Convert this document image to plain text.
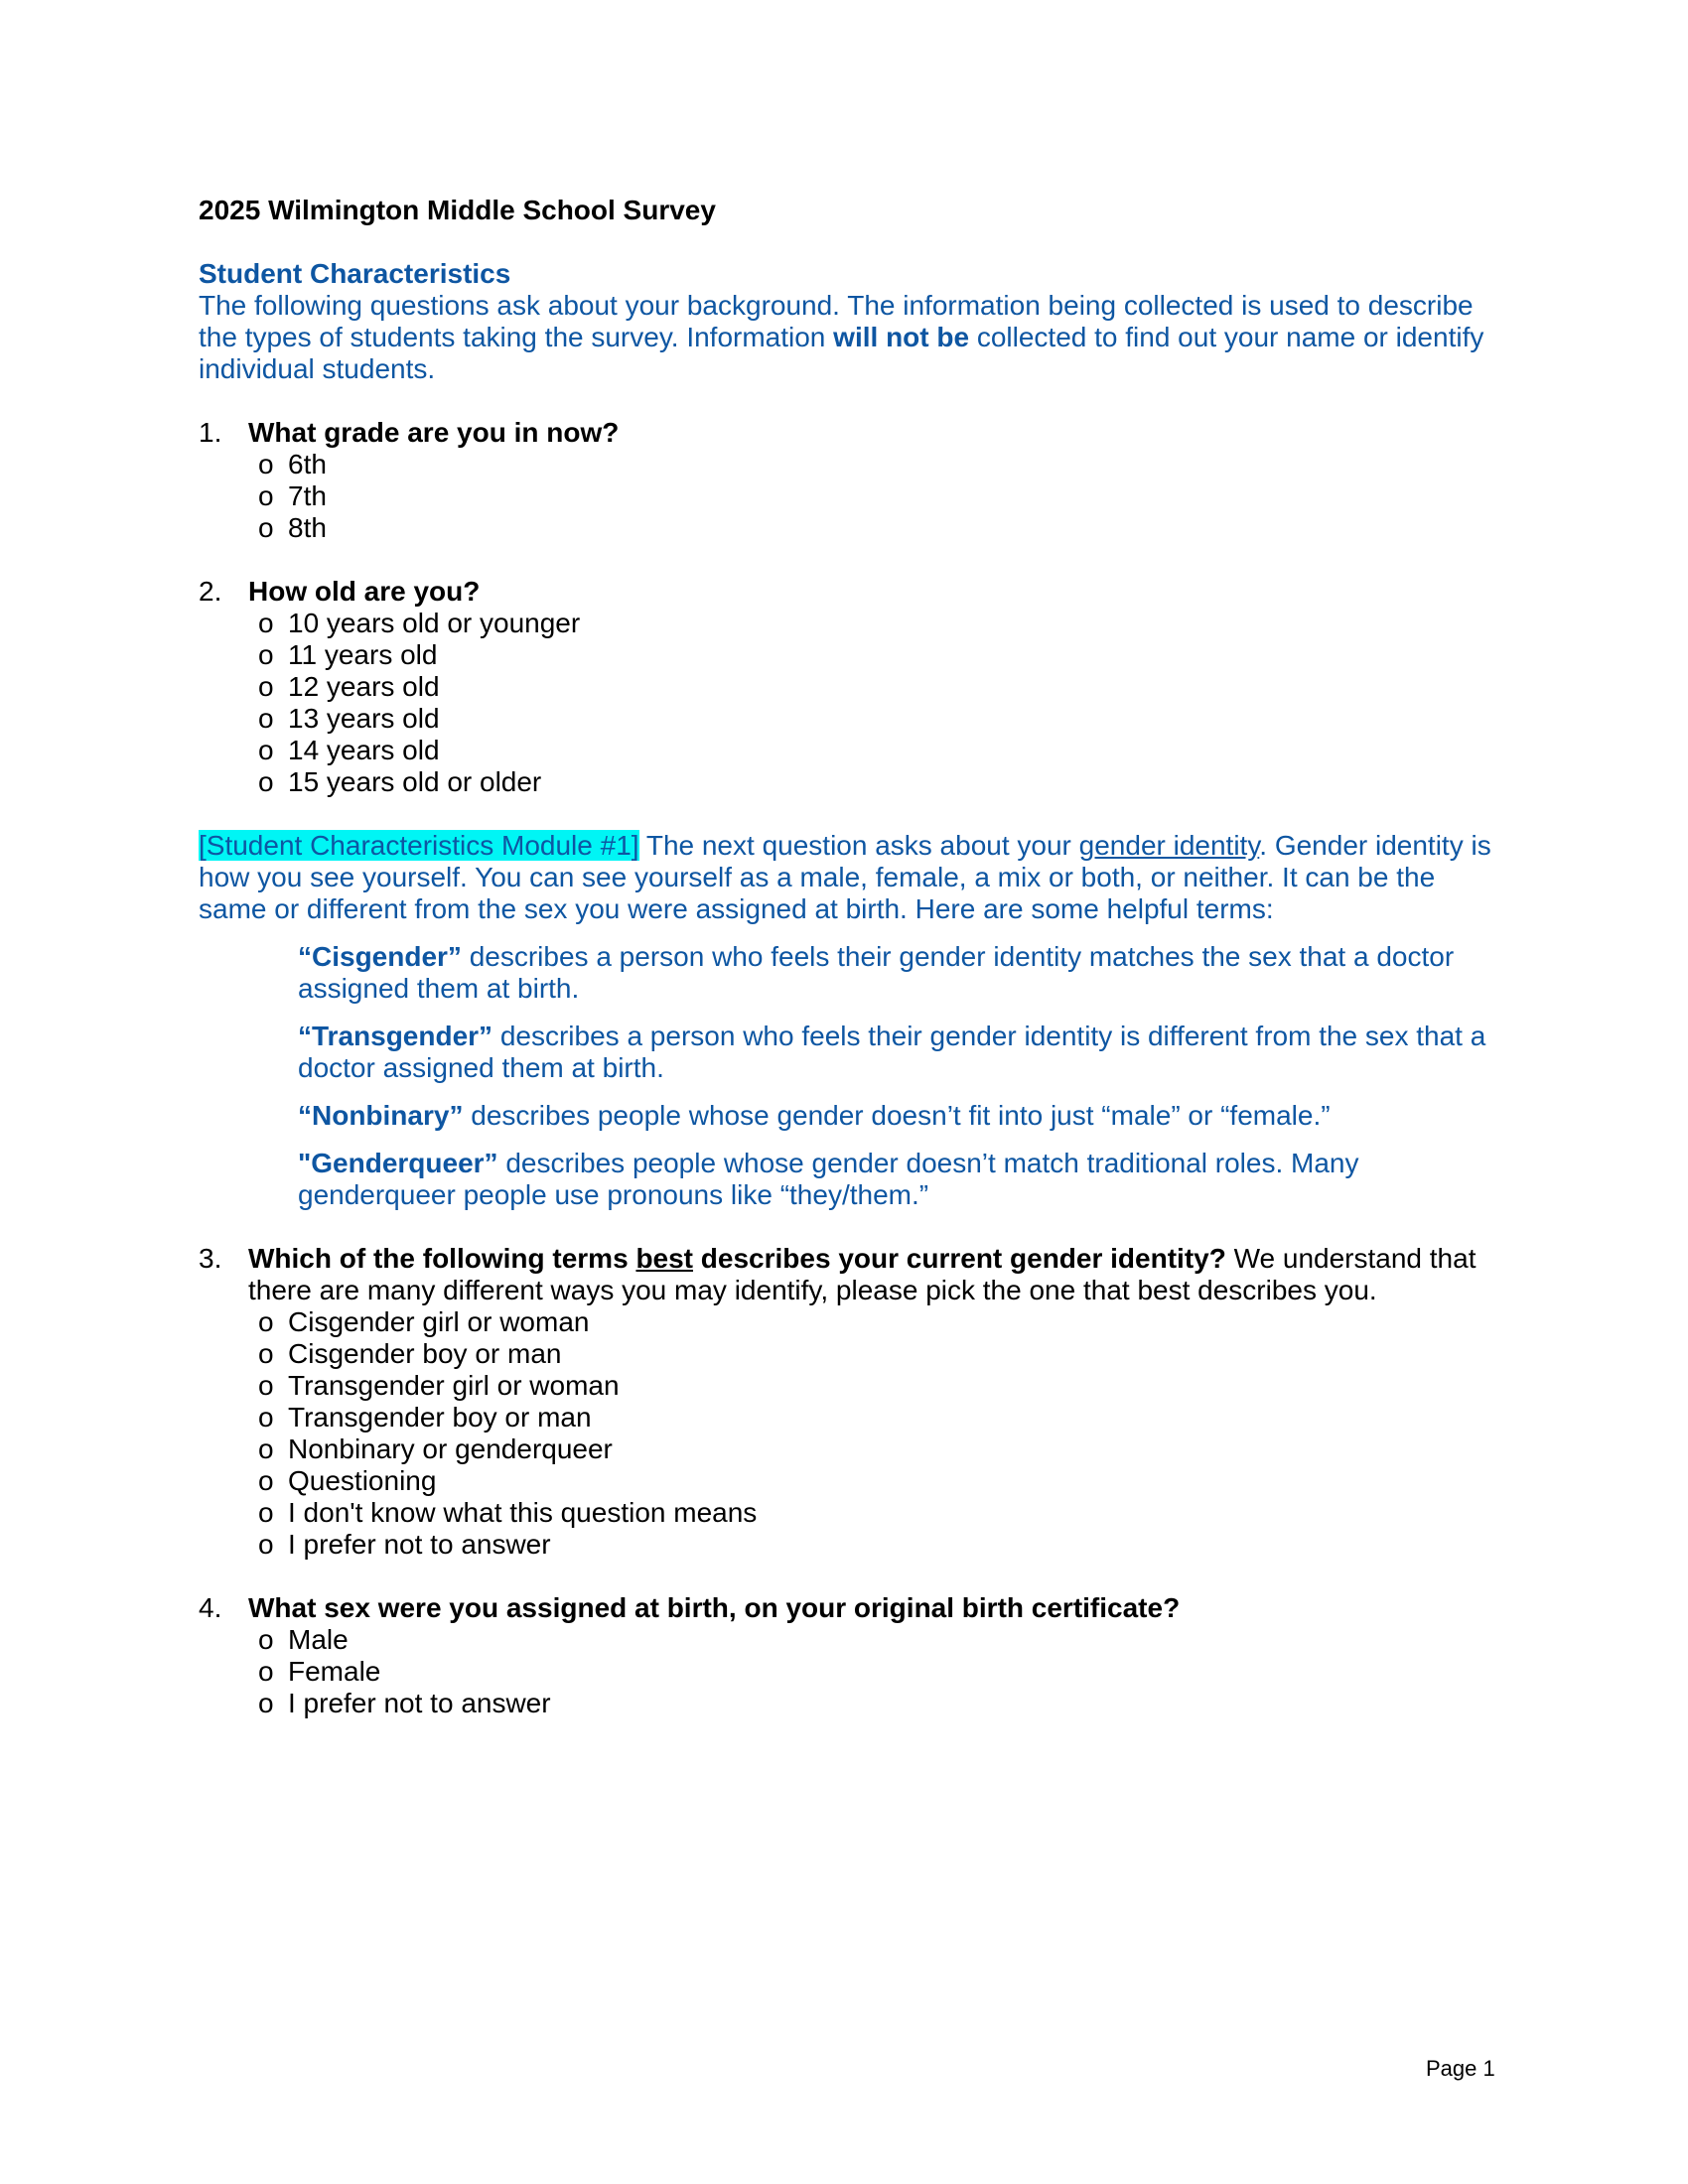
2025 Wilmington Middle School Survey

Student Characteristics
The following questions ask about your background. The information being collected is used to describe the types of students taking the survey. Information will not be collected to find out your name or identify individual students.
1. What grade are you in now?
o 6th
o 7th
o 8th
2. How old are you?
o 10 years old or younger
o 11 years old
o 12 years old
o 13 years old
o 14 years old
o 15 years old or older
[Student Characteristics Module #1] The next question asks about your gender identity. Gender identity is how you see yourself. You can see yourself as a male, female, a mix or both, or neither. It can be the same or different from the sex you were assigned at birth. Here are some helpful terms:
“Cisgender” describes a person who feels their gender identity matches the sex that a doctor assigned them at birth.
“Transgender” describes a person who feels their gender identity is different from the sex that a doctor assigned them at birth.
“Nonbinary” describes people whose gender doesn’t fit into just “male” or “female.”
"Genderqueer” describes people whose gender doesn’t match traditional roles. Many genderqueer people use pronouns like “they/them.”
3. Which of the following terms best describes your current gender identity? We understand that there are many different ways you may identify, please pick the one that best describes you.
o Cisgender girl or woman
o Cisgender boy or man
o Transgender girl or woman
o Transgender boy or man
o Nonbinary or genderqueer
o Questioning
o I don't know what this question means
o I prefer not to answer
4. What sex were you assigned at birth, on your original birth certificate?
o Male
o Female
o I prefer not to answer
Page 1
